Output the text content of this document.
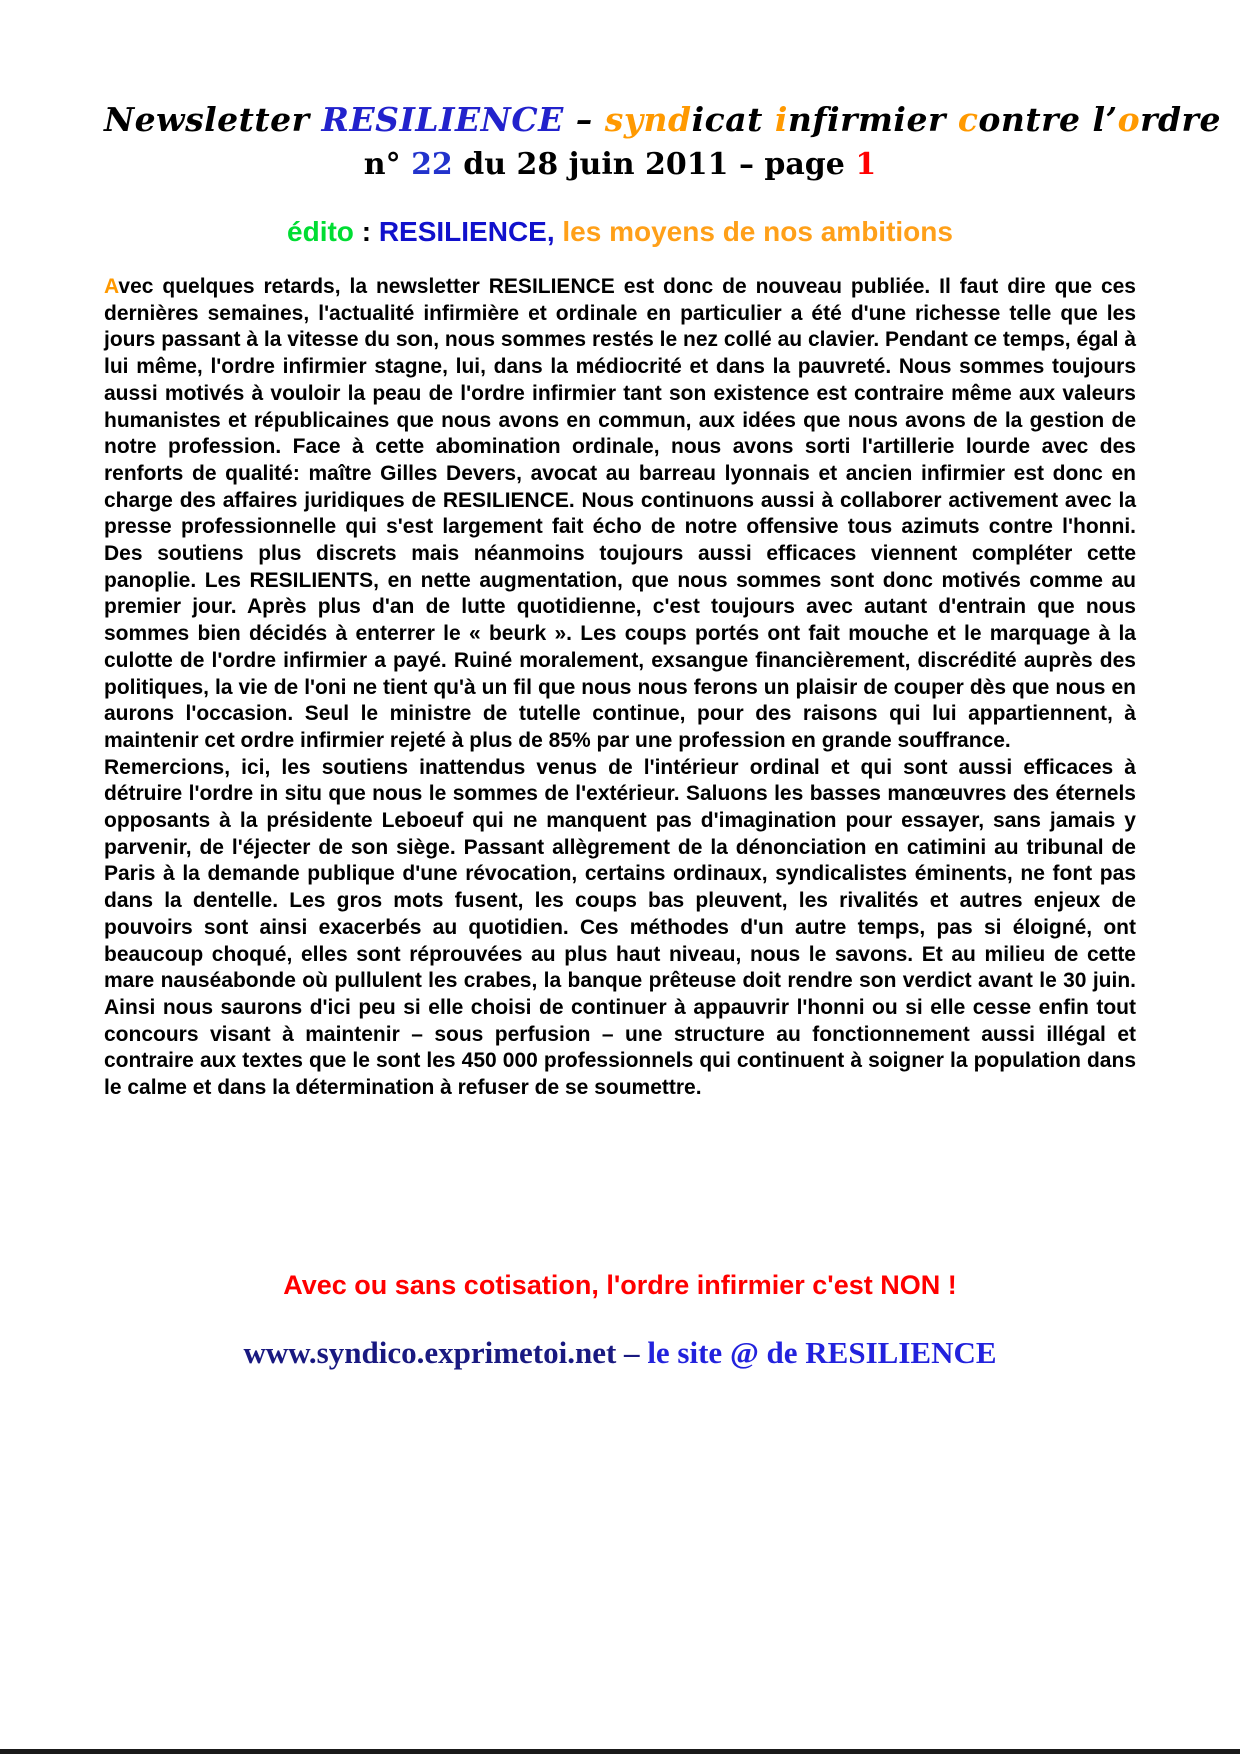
Newsletter RESILIENCE – syndicat infirmier contre l’ordre
n° 22 du 28 juin 2011 – page 1
édito : RESILIENCE, les moyens de nos ambitions

Avec quelques retards, la newsletter RESILIENCE est donc de nouveau publiée. Il faut dire que ces dernières semaines, l'actualité infirmière et ordinale en particulier a été d'une richesse telle que les jours passant à la vitesse du son, nous sommes restés le nez collé au clavier. Pendant ce temps, égal à lui même, l'ordre infirmier stagne, lui, dans la médiocrité et dans la pauvreté. Nous sommes toujours aussi motivés à vouloir la peau de l'ordre infirmier tant son existence est contraire même aux valeurs humanistes et républicaines que nous avons en commun, aux idées que nous avons de la gestion de notre profession. Face à cette abomination ordinale, nous avons sorti l'artillerie lourde avec des renforts de qualité: maître Gilles Devers, avocat au barreau lyonnais et ancien infirmier est donc en charge des affaires juridiques de RESILIENCE. Nous continuons aussi à collaborer activement avec la presse professionnelle qui s'est largement fait écho de notre offensive tous azimuts contre l'honni. Des soutiens plus discrets mais néanmoins toujours aussi efficaces viennent compléter cette panoplie. Les RESILIENTS, en nette augmentation, que nous sommes sont donc motivés comme au premier jour. Après plus d'an de lutte quotidienne, c'est toujours avec autant d'entrain que nous sommes bien décidés à enterrer le « beurk ». Les coups portés ont fait mouche et le marquage à la culotte de l'ordre infirmier a payé. Ruiné moralement, exsangue financièrement, discrédité auprès des politiques, la vie de l'oni ne tient qu'à un fil que nous nous ferons un plaisir de couper dès que nous en aurons l'occasion. Seul le ministre de tutelle continue, pour des raisons qui lui appartiennent, à maintenir cet ordre infirmier rejeté à plus de 85% par une profession en grande souffrance.

Remercions, ici, les soutiens inattendus venus de l'intérieur ordinal et qui sont aussi efficaces à détruire l'ordre in situ que nous le sommes de l'extérieur. Saluons les basses manœuvres des éternels opposants à la présidente Leboeuf qui ne manquent pas d'imagination pour essayer, sans jamais y parvenir, de l'éjecter de son siège. Passant allègrement de la dénonciation en catimini au tribunal de Paris à la demande publique d'une révocation, certains ordinaux, syndicalistes éminents, ne font pas dans la dentelle. Les gros mots fusent, les coups bas pleuvent, les rivalités et autres enjeux de pouvoirs sont ainsi exacerbés au quotidien. Ces méthodes d'un autre temps, pas si éloigné, ont beaucoup choqué, elles sont réprouvées au plus haut niveau, nous le savons. Et au milieu de cette mare nauséabonde où pullulent les crabes, la banque prêteuse doit rendre son verdict avant le 30 juin. Ainsi nous saurons d'ici peu si elle choisi de continuer à appauvrir l'honni ou si elle cesse enfin tout concours visant à maintenir – sous perfusion – une structure au fonctionnement aussi illégal et contraire aux textes que le sont les 450 000 professionnels qui continuent à soigner la population dans le calme et dans la détermination à refuser de se soumettre.

Avec ou sans cotisation, l'ordre infirmier c'est NON !
www.syndico.exprimetoi.net – le site @ de RESILIENCE
